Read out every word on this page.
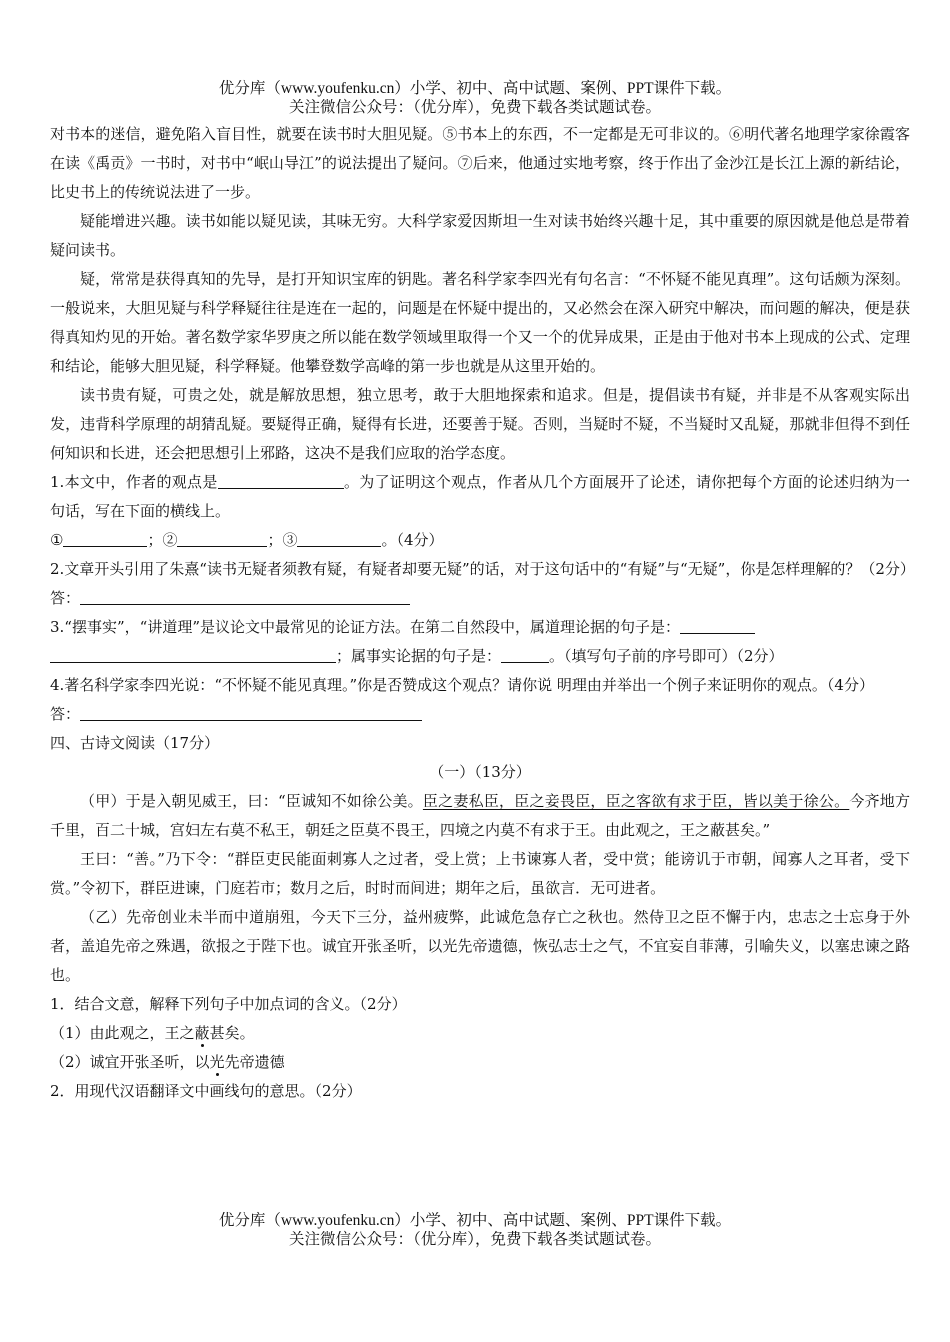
优分库（www.youfenku.cn）小学、初中、高中试题、案例、PPT课件下载。
关注微信公众号：（优分库），免费下载各类试题试卷。

对书本的迷信，避免陷入盲目性，就要在读书时大胆见疑。⑤书本上的东西，不一定都是无可非议的。⑥明代著名地理学家徐霞客在读《禹贡》一书时，对书中“岷山导江”的说法提出了疑问。⑦后来，他通过实地考察，终于作出了金沙江是长江上源的新结论，比史书上的传统说法进了一步。

疑能增进兴趣。读书如能以疑见读，其味无穷。大科学家爱因斯坦一生对读书始终兴趣十足，其中重要的原因就是他总是带着疑问读书。

疑，常常是获得真知的先导，是打开知识宝库的钥匙。著名科学家李四光有句名言：“不怀疑不能见真理”。这句话颇为深刻。一般说来，大胆见疑与科学释疑往往是连在一起的，问题是在怀疑中提出的，又必然会在深入研究中解决，而问题的解决，便是获得真知灼见的开始。著名数学家华罗庚之所以能在数学领域里取得一个又一个的优异成果，正是由于他对书本上现成的公式、定理和结论，能够大胆见疑，科学释疑。他攀登数学高峰的第一步也就是从这里开始的。

读书贵有疑，可贵之处，就是解放思想，独立思考，敢于大胆地探索和追求。但是，提倡读书有疑，并非是不从客观实际出发，违背科学原理的胡猜乱疑。要疑得正确，疑得有长进，还要善于疑。否则，当疑时不疑，不当疑时又乱疑，那就非但得不到任何知识和长进，还会把思想引上邪路，这决不是我们应取的治学态度。

1.本文中，作者的观点是	。为了证明这个观点，作者从几个方面展开了论述，请你把每个方面的论述归纳为一句话，写在下面的横线上。

①	；②	；③	。（4分）

2.文章开头引用了朱熹“读书无疑者须教有疑，有疑者却要无疑”的话，对于这句话中的“有疑”与“无疑”，你是怎样理解的？（2分）

答：

3.“摆事实”，“讲道理”是议论文中最常见的论证方法。在第二自然段中，属道理论据的句子是：

；属事实论据的句子是：	。（填写句子前的序号即可）（2分）

4.著名科学家李四光说：“不怀疑不能见真理。”你是否赞成这个观点？请你说 明理由并举出一个例子来证明你的观点。（4分）

答：

四、古诗文阅读（17分）

（一）（13分）

（甲）于是入朝见威王，曰：“臣诚知不如徐公美。臣之妻私臣，臣之妾畏臣，臣之客欲有求于臣，皆以美于徐公。今齐地方千里，百二十城，宫妇左右莫不私王，朝廷之臣莫不畏王，四境之内莫不有求于王。由此观之，王之蔽甚矣。”

王曰：“善。”乃下令：“群臣吏民能面刺寡人之过者，受上赏；上书谏寡人者，受中赏；能谤讥于市朝，闻寡人之耳者，受下赏。”令初下，群臣进谏，门庭若市；数月之后，时时而间进；期年之后，虽欲言．无可进者。

（乙）先帝创业未半而中道崩殂，今天下三分，益州疲弊，此诚危急存亡之秋也。然侍卫之臣不懈于内，忠志之士忘身于外者，盖追先帝之殊遇，欲报之于陛下也。诚宜开张圣听，以光先帝遗德，恢弘志士之气，不宜妄自菲薄，引喻失义，以塞忠谏之路也。

1．结合文意，解释下列句子中加点词的含义。（2分）

（1）由此观之，王之蔽甚矣。

（2）诚宜开张圣听，以光先帝遗德

2．用现代汉语翻译文中画线句的意思。（2分）

优分库（www.youfenku.cn）小学、初中、高中试题、案例、PPT课件下载。
关注微信公众号：（优分库），免费下载各类试题试卷。
